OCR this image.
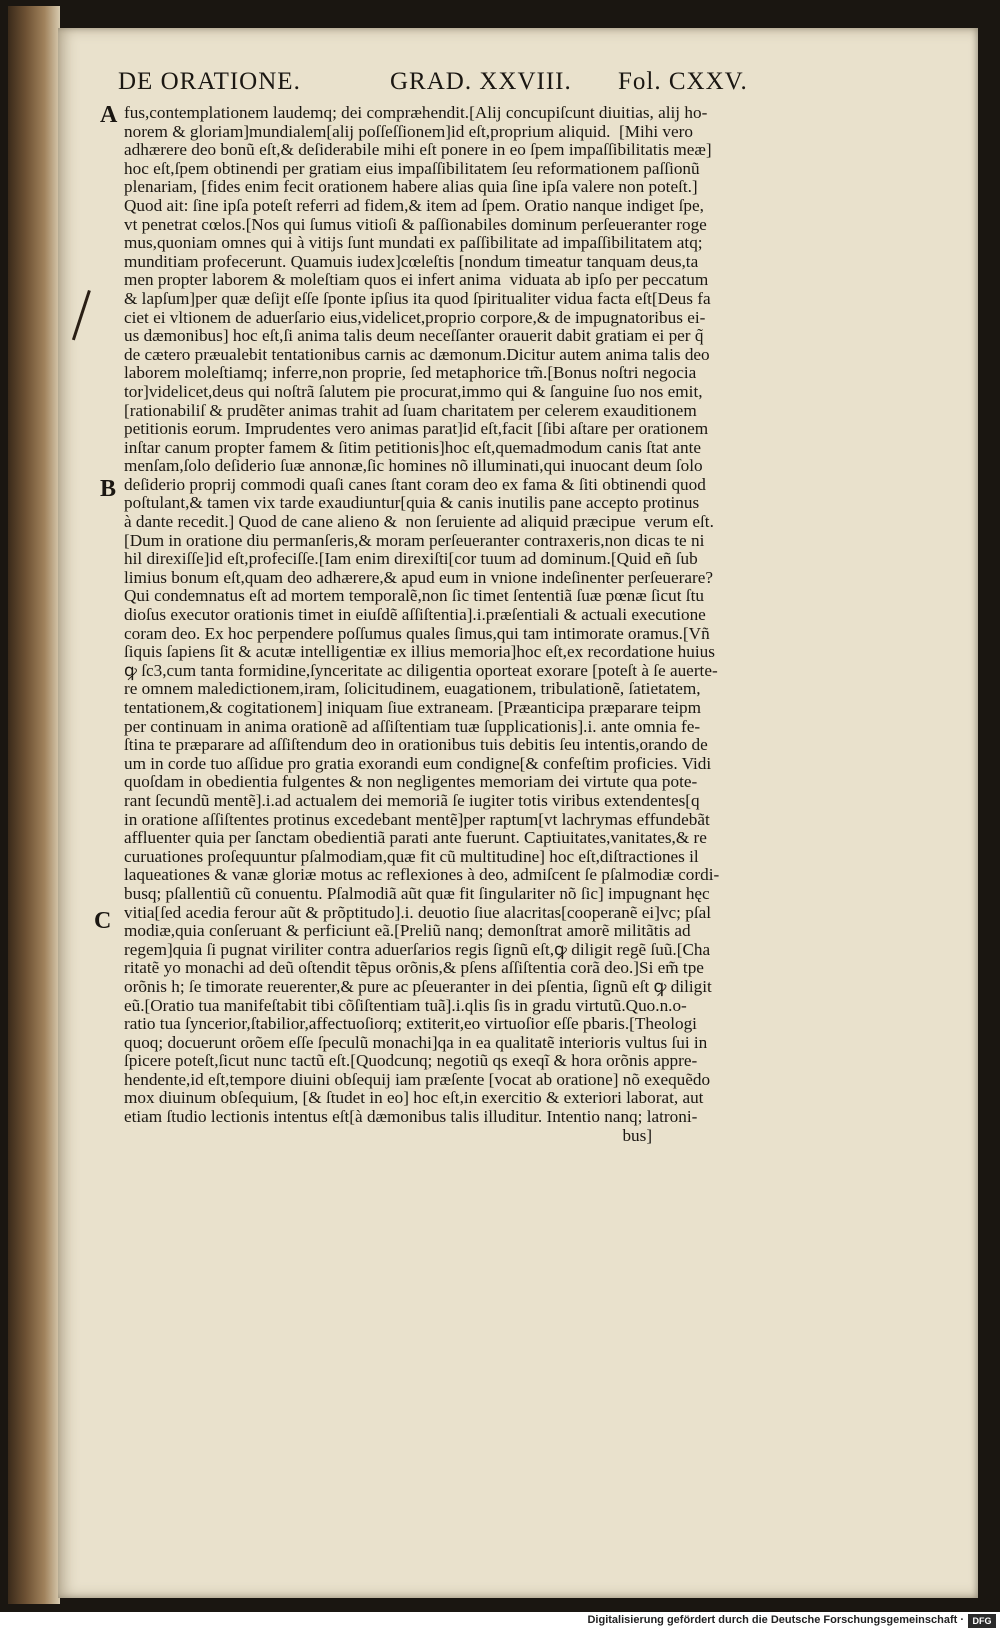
DE ORATIONE.	GRAD. XXVIII. Fol. CXXV.
A
B
C
fus,contemplationem laudemq; dei compræhendit.[Alij concupiſcunt diuitias, alij ho-
norem & gloriam]mundialem[alij poſſeſſionem]id eſt,proprium aliquid.  [Mihi vero
adhærere deo bonũ eſt,& deſiderabile mihi eſt ponere in eo ſpem impaſſibilitatis meæ]
hoc eſt,ſpem obtinendi per gratiam eius impaſſibilitatem ſeu reformationem paſſionũ
plenariam, [fides enim fecit orationem habere alias quia ſine ipſa valere non poteſt.]
Quod ait: ſine ipſa poteſt referri ad fidem,& item ad ſpem. Oratio nanque indiget ſpe,
vt penetrat cœlos.[Nos qui ſumus vitioſi & paſſionabiles dominum perſeueranter roge
mus,quoniam omnes qui à vitijs ſunt mundati ex paſſibilitate ad impaſſibilitatem atq;
munditiam profecerunt. Quamuis iudex]cœleſtis [nondum timeatur tanquam deus,ta
men propter laborem & moleſtiam quos ei infert anima  viduata ab ipſo per peccatum
& lapſum]per quæ deſijt eſſe ſponte ipſius ita quod ſpiritualiter vidua facta eſt[Deus fa
ciet ei vltionem de aduerſario eius,videlicet,proprio corpore,& de impugnatoribus ei-
us dæmonibus] hoc eſt,ſi anima talis deum neceſſanter orauerit dabit gratiam ei per q̃
de cætero præualebit tentationibus carnis ac dæmonum.Dicitur autem anima talis deo
laborem moleſtiamq; inferre,non proprie, ſed metaphorice tm̃.[Bonus noſtri negocia
tor]videlicet,deus qui noſtrã ſalutem pie procurat,immo qui & ſanguine ſuo nos emit,
[rationabiliſ & prudẽter animas trahit ad ſuam charitatem per celerem exauditionem
petitionis eorum. Imprudentes vero animas parat]id eſt,facit [ſibi aſtare per orationem
inſtar canum propter famem & ſitim petitionis]hoc eſt,quemadmodum canis ſtat ante
menſam,ſolo deſiderio ſuæ annonæ,ſic homines nõ illuminati,qui inuocant deum ſolo
deſiderio proprij commodi quaſi canes ſtant coram deo ex fama & ſiti obtinendi quod
poſtulant,& tamen vix tarde exaudiuntur[quia & canis inutilis pane accepto protinus
à dante recedit.] Quod de cane alieno &  non ſeruiente ad aliquid præcipue  verum eſt.
[Dum in oratione diu permanſeris,& moram perſeueranter contraxeris,non dicas te ni
hil direxiſſe]id eſt,profeciſſe.[Iam enim direxiſti[cor tuum ad dominum.[Quid eñ ſub
limius bonum eſt,quam deo adhærere,& apud eum in vnione indeſinenter perſeuerare?
Qui condemnatus eſt ad mortem temporalẽ,non ſic timet ſententiã ſuæ pœnæ ſicut ſtu
dioſus executor orationis timet in eiuſdẽ aſſiſtentia].i.præſentiali & actuali executione
coram deo. Ex hoc perpendere poſſumus quales ſimus,qui tam intimorate oramus.[Vñ
ſiquis ſapiens ſit & acutæ intelligentiæ ex illius memoria]hoc eſt,ex recordatione huius
ꝙ ſc3,cum tanta formidine,ſynceritate ac diligentia oporteat exorare [poteſt à ſe auerte-
re omnem maledictionem,iram, ſolicitudinem, euagationem, tribulationẽ, ſatietatem,
tentationem,& cogitationem] iniquam ſiue extraneam. [Præanticipa præparare teipm
per continuam in anima orationẽ ad aſſiſtentiam tuæ ſupplicationis].i. ante omnia fe-
ſtina te præparare ad aſſiſtendum deo in orationibus tuis debitis ſeu intentis,orando de
um in corde tuo aſſidue pro gratia exorandi eum condigne[& confeſtim proficies. Vidi
quoſdam in obedientia fulgentes & non negligentes memoriam dei virtute qua pote-
rant ſecundũ mentẽ].i.ad actualem dei memoriã ſe iugiter totis viribus extendentes[q
in oratione aſſiſtentes protinus excedebant mentẽ]per raptum[vt lachrymas effundebãt
affluenter quia per ſanctam obedientiã parati ante fuerunt. Captiuitates,vanitates,& re
curuationes proſequuntur pſalmodiam,quæ fit cũ multitudine] hoc eſt,diſtractiones il
laqueationes & vanæ gloriæ motus ac reflexiones à deo, admiſcent ſe pſalmodiæ cordi-
busq; pſallentiũ cũ conuentu. Pſalmodiã aũt quæ fit ſingulariter nõ ſic] impugnant hęc
vitia[ſed acedia ferour aũt & prõptitudo].i. deuotio ſiue alacritas[cooperanẽ ei]vc; pſal
modiæ,quia conſeruant & perficiunt eã.[Preliũ nanq; demonſtrat amorẽ militãtis ad
regem]quia ſi pugnat viriliter contra aduerſarios regis ſignũ eſt,ꝙ diligit regẽ ſuũ.[Cha
ritatẽ yo monachi ad deũ oſtendit tẽpus orõnis,& pſens aſſiſtentia corã deo.]Si em̃ tpe
orõnis h; ſe timorate reuerenter,& pure ac pſeueranter in dei pſentia, ſignũ eſt ꝙ diligit
eũ.[Oratio tua manifeſtabit tibi cõſiſtentiam tuã].i.qlis ſis in gradu virtutũ.Quo.n.o-
ratio tua ſyncerior,ſtabilior,affectuoſiorq; extiterit,eo virtuoſior eſſe pbaris.[Theologi
quoq; docuerunt orõem eſſe ſpeculũ monachi]qa in ea qualitatẽ interioris vultus ſui in
ſpicere poteſt,ſicut nunc tactũ eſt.[Quodcunq; negotiũ qs exeqĩ & hora orõnis appre-
hendente,id eſt,tempore diuini obſequij iam præſente [vocat ab oratione] nõ exequẽdo
mox diuinum obſequium, [& ſtudet in eo] hoc eſt,in exercitio & exteriori laborat, aut
etiam ſtudio lectionis intentus eſt[à dæmonibus talis illuditur. Intentio nanq; latroni-
bus]
Digitalisierung gefördert durch die Deutsche Forschungsgemeinschaft · DFG
